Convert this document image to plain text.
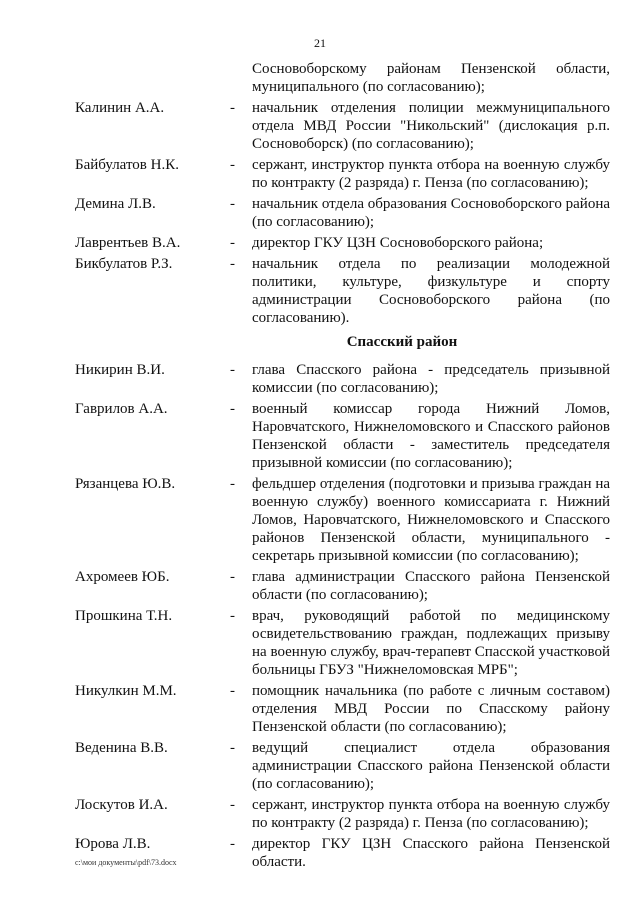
21
Сосновоборскому районам Пензенской области, муниципального (по согласованию);
Калинин А.А.	-	начальник отделения полиции межмуниципального отдела МВД России "Никольский" (дислокация р.п. Сосновоборск) (по согласованию);
Байбулатов Н.К.	-	сержант, инструктор пункта отбора на военную службу по контракту (2 разряда) г. Пенза (по согласованию);
Демина Л.В.	-	начальник отдела образования Сосновоборского района (по согласованию);
Лаврентьев В.А.	-	директор ГКУ ЦЗН Сосновоборского района;
Бикбулатов Р.З.	-	начальник отдела по реализации молодежной политики, культуре, физкультуре и спорту администрации Сосновоборского района (по согласованию).
Спасский район
Никирин В.И.	-	глава Спасского района - председатель призывной комиссии (по согласованию);
Гаврилов А.А.	-	военный комиссар города Нижний Ломов, Наровчатского, Нижнеломовского и Спасского районов Пензенской области - заместитель председателя призывной комиссии (по согласованию);
Рязанцева Ю.В.	-	фельдшер отделения (подготовки и призыва граждан на военную службу) военного комиссариата г. Нижний Ломов, Наровчатского, Нижнеломовского и Спасского районов Пензенской области, муниципального - секретарь призывной комиссии (по согласованию);
Ахромеев ЮБ.	-	глава администрации Спасского района Пензенской области (по согласованию);
Прошкина Т.Н.	-	врач, руководящий работой по медицинскому освидетельствованию граждан, подлежащих призыву на военную службу, врач-терапевт Спасской участковой больницы ГБУЗ "Нижнеломовская МРБ";
Никулкин М.М.	-	помощник начальника (по работе с личным составом) отделения МВД России по Спасскому району Пензенской области (по согласованию);
Веденина В.В.	-	ведущий специалист отдела образования администрации Спасского района Пензенской области (по согласованию);
Лоскутов И.А.	-	сержант, инструктор пункта отбора на военную службу по контракту (2 разряда) г. Пенза (по согласованию);
Юрова Л.В.	-	директор ГКУ ЦЗН Спасского района Пензенской области.
c:\мои документы\pdf\73.docx
